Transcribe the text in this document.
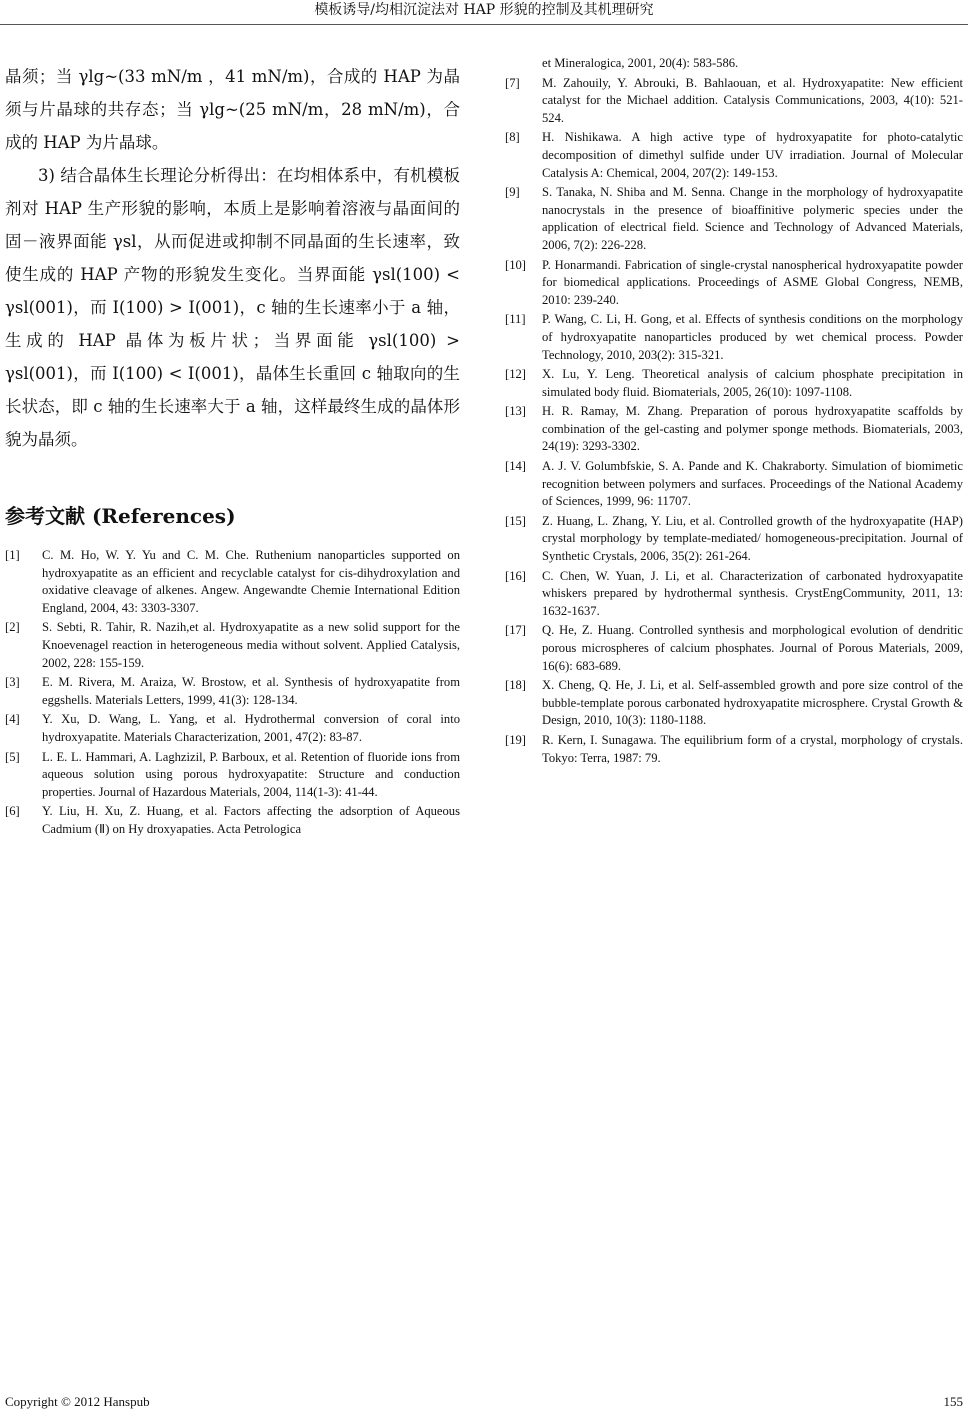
模板诱导/均相沉淀法对 HAP 形貌的控制及其机理研究

晶须；当 γlg~(33 mN/m ，41 mN/m)，合成的 HAP 为晶须与片晶球的共存态；当 γlg~(25 mN/m，28 mN/m)，合成的 HAP 为片晶球。

3) 结合晶体生长理论分析得出：在均相体系中，有机模板剂对 HAP 生产形貌的影响，本质上是影响着溶液与晶面间的固－液界面能 γsl，从而促进或抑制不同晶面的生长速率，致使生成的 HAP 产物的形貌发生变化。当界面能 γsl(100) < γsl(001)，而 I(100) > I(001)，c 轴的生长速率小于 a 轴，生成的 HAP 晶体为板片状；当界面能 γsl(100) > γsl(001)，而 I(100) < I(001)，晶体生长重回 c 轴取向的生长状态，即 c 轴的生长速率大于 a 轴，这样最终生成的晶体形貌为晶须。

参考文献 (References)
[1] C. M. Ho, W. Y. Yu and C. M. Che. Ruthenium nanoparticles supported on hydroxyapatite as an efficient and recyclable catalyst for cis-dihydroxylation and oxidative cleavage of alkenes. Angew. Angewandte Chemie International Edition England, 2004, 43: 3303-3307.
[2] S. Sebti, R. Tahir, R. Nazih,et al. Hydroxyapatite as a new solid support for the Knoevenagel reaction in heterogeneous media without solvent. Applied Catalysis, 2002, 228: 155-159.
[3] E. M. Rivera, M. Araiza, W. Brostow, et al. Synthesis of hydroxyapatite from eggshells. Materials Letters, 1999, 41(3): 128-134.
[4] Y. Xu, D. Wang, L. Yang, et al. Hydrothermal conversion of coral into hydroxyapatite. Materials Characterization, 2001, 47(2): 83-87.
[5] L. E. L. Hammari, A. Laghzizil, P. Barboux, et al. Retention of fluoride ions from aqueous solution using porous hydroxyapatite: Structure and conduction properties. Journal of Hazardous Materials, 2004, 114(1-3): 41-44.
[6] Y. Liu, H. Xu, Z. Huang, et al. Factors affecting the adsorption of Aqueous Cadmium (Ⅱ) on Hy droxyapaties. Acta Petrologica
et Mineralogica, 2001, 20(4): 583-586.
[7] M. Zahouily, Y. Abrouki, B. Bahlaouan, et al. Hydroxyapatite: New efficient catalyst for the Michael addition. Catalysis Communications, 2003, 4(10): 521-524.
[8] H. Nishikawa. A high active type of hydroxyapatite for photo-catalytic decomposition of dimethyl sulfide under UV irradiation. Journal of Molecular Catalysis A: Chemical, 2004, 207(2): 149-153.
[9] S. Tanaka, N. Shiba and M. Senna. Change in the morphology of hydroxyapatite nanocrystals in the presence of bioaffinitive polymeric species under the application of electrical field. Science and Technology of Advanced Materials, 2006, 7(2): 226-228.
[10] P. Honarmandi. Fabrication of single-crystal nanospherical hydroxyapatite powder for biomedical applications. Proceedings of ASME Global Congress, NEMB, 2010: 239-240.
[11] P. Wang, C. Li, H. Gong, et al. Effects of synthesis conditions on the morphology of hydroxyapatite nanoparticles produced by wet chemical process. Powder Technology, 2010, 203(2): 315-321.
[12] X. Lu, Y. Leng. Theoretical analysis of calcium phosphate precipitation in simulated body fluid. Biomaterials, 2005, 26(10): 1097-1108.
[13] H. R. Ramay, M. Zhang. Preparation of porous hydroxyapatite scaffolds by combination of the gel-casting and polymer sponge methods. Biomaterials, 2003, 24(19): 3293-3302.
[14] A. J. V. Golumbfskie, S. A. Pande and K. Chakraborty. Simulation of biomimetic recognition between polymers and surfaces. Proceedings of the National Academy of Sciences, 1999, 96: 11707.
[15] Z. Huang, L. Zhang, Y. Liu, et al. Controlled growth of the hydroxyapatite (HAP) crystal morphology by template-mediated/ homogeneous-precipitation. Journal of Synthetic Crystals, 2006, 35(2): 261-264.
[16] C. Chen, W. Yuan, J. Li, et al. Characterization of carbonated hydroxyapatite whiskers prepared by hydrothermal synthesis. CrystEngCommunity, 2011, 13: 1632-1637.
[17] Q. He, Z. Huang. Controlled synthesis and morphological evolution of dendritic porous microspheres of calcium phosphates. Journal of Porous Materials, 2009, 16(6): 683-689.
[18] X. Cheng, Q. He, J. Li, et al. Self-assembled growth and pore size control of the bubble-template porous carbonated hydroxyapatite microsphere. Crystal Growth & Design, 2010, 10(3): 1180-1188.
[19] R. Kern, I. Sunagawa. The equilibrium form of a crystal, morphology of crystals. Tokyo: Terra, 1987: 79.
Copyright © 2012 Hanspub	155
